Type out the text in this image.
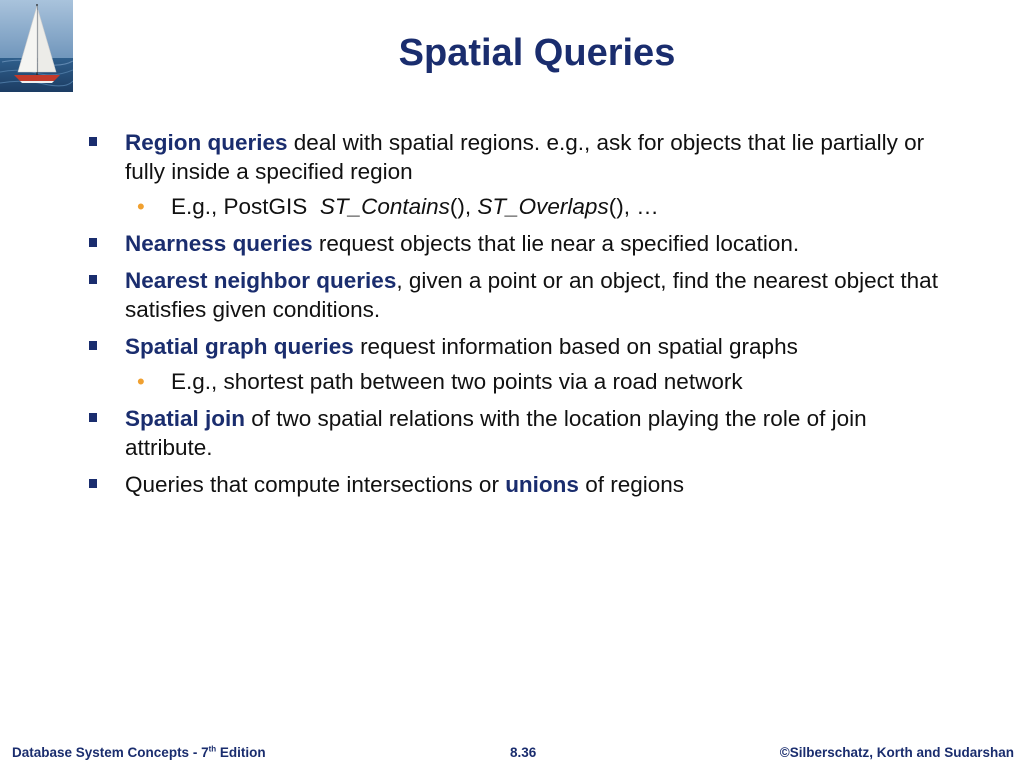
Spatial Queries
Region queries deal with spatial regions. e.g., ask for objects that lie partially or fully inside a specified region
• E.g., PostGIS  ST_Contains(), ST_Overlaps(), …
Nearness queries request objects that lie near a specified location.
Nearest neighbor queries, given a point or an object, find the nearest object that satisfies given conditions.
Spatial graph queries request information based on spatial graphs
• E.g., shortest path between two points via a road network
Spatial join of two spatial relations with the location playing the role of join attribute.
Queries that compute intersections or unions of regions
Database System Concepts - 7th Edition	8.36	©Silberschatz, Korth and Sudarshan
